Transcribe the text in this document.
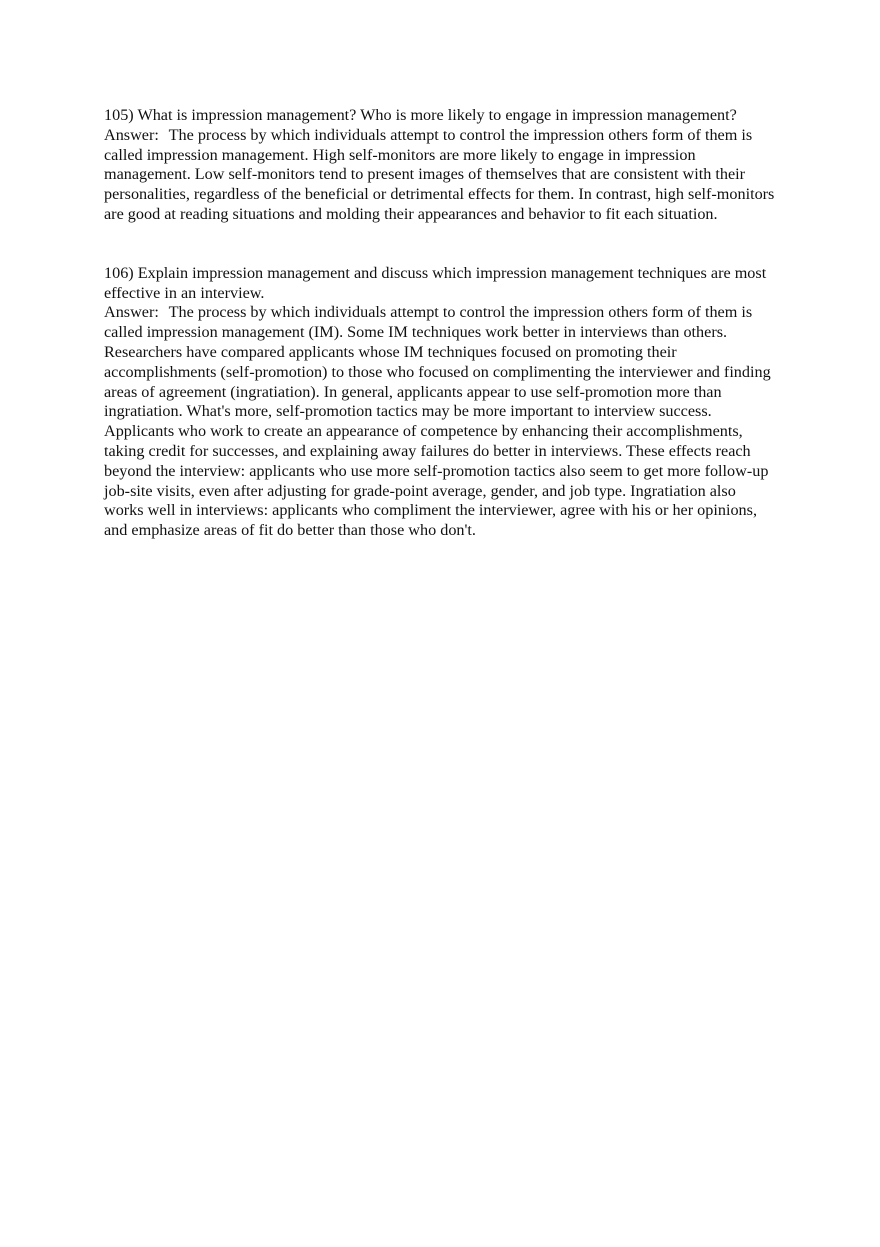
105) What is impression management? Who is more likely to engage in impression management?

Answer: The process by which individuals attempt to control the impression others form of them is called impression management. High self-monitors are more likely to engage in impression management. Low self-monitors tend to present images of themselves that are consistent with their personalities, regardless of the beneficial or detrimental effects for them. In contrast, high self-monitors are good at reading situations and molding their appearances and behavior to fit each situation.

106) Explain impression management and discuss which impression management techniques are most effective in an interview.

Answer: The process by which individuals attempt to control the impression others form of them is called impression management (IM). Some IM techniques work better in interviews than others. Researchers have compared applicants whose IM techniques focused on promoting their accomplishments (self-promotion) to those who focused on complimenting the interviewer and finding areas of agreement (ingratiation). In general, applicants appear to use self-promotion more than ingratiation. What's more, self-promotion tactics may be more important to interview success. Applicants who work to create an appearance of competence by enhancing their accomplishments, taking credit for successes, and explaining away failures do better in interviews. These effects reach beyond the interview: applicants who use more self-promotion tactics also seem to get more follow-up job-site visits, even after adjusting for grade-point average, gender, and job type. Ingratiation also works well in interviews: applicants who compliment the interviewer, agree with his or her opinions, and emphasize areas of fit do better than those who don't.
